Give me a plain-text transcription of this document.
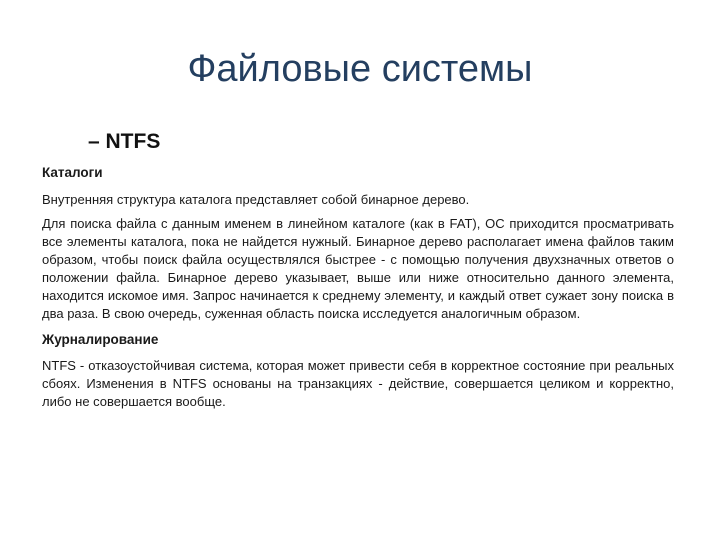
Файловые системы
– NTFS
Каталоги

Внутренняя структура каталога представляет собой бинарное дерево.

Для поиска файла с данным именем в линейном каталоге (как в FAT), ОС приходится просматривать все элементы каталога, пока не найдется нужный. Бинарное дерево располагает имена файлов таким образом, чтобы поиск файла осуществлялся быстрее - с помощью получения двухзначных ответов о положении файла. Бинарное дерево указывает, выше или ниже относительно данного элемента, находится искомое имя. Запрос начинается к среднему элементу, и каждый ответ сужает зону поиска в два раза. В свою очередь, суженная область поиска исследуется аналогичным образом.

Журналирование

NTFS - отказоустойчивая система, которая может привести себя в корректное состояние при реальных сбоях. Изменения в NTFS основаны на транзакциях - действие, совершается целиком и корректно, либо не совершается вообще.
